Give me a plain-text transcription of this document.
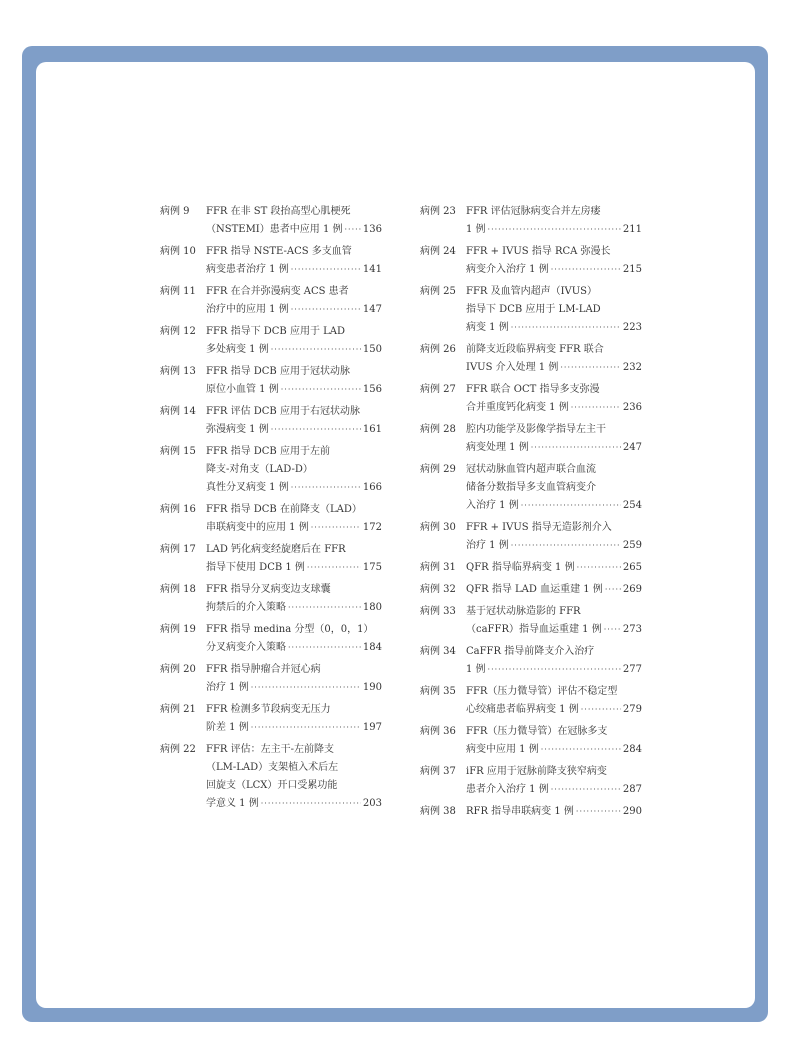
病例 9 FFR 在非 ST 段抬高型心肌梗死
（NSTEMI）患者中应用 1 例 ····· 136
病例 10 FFR 指导 NSTE-ACS 多支血管
病变患者治疗 1 例 ·····	141
病例 11 FFR 在合并弥漫病变 ACS 患者
治疗中的应用 1 例 ·····	147
病例 12 FFR 指导下 DCB 应用于 LAD
多处病变 1 例 ·····	150
病例 13 FFR 指导 DCB 应用于冠状动脉
原位小血管 1 例 ·····	156
病例 14 FFR 评估 DCB 应用于右冠状动脉
弥漫病变 1 例 ·····	161
病例 15 FFR 指导 DCB 应用于左前
降支-对角支（LAD-D）
真性分叉病变 1 例 ·····	166
病例 16 FFR 指导 DCB 在前降支（LAD）
串联病变中的应用 1 例 ·····	172
病例 17 LAD 钙化病变经旋磨后在 FFR
指导下使用 DCB 1 例 ·····	175
病例 18 FFR 指导分叉病变边支球囊
拘禁后的介入策略 ·····	180
病例 19 FFR 指导 medina 分型（0，0，1）
分叉病变介入策略 ·····	184
病例 20 FFR 指导肿瘤合并冠心病
治疗 1 例 ·····	190
病例 21 FFR 检测多节段病变无压力
阶差 1 例 ·····	197
病例 22 FFR 评估：左主干-左前降支
（LM-LAD）支架植入术后左
回旋支（LCX）开口受累功能
学意义 1 例 ·····	203
病例 23 FFR 评估冠脉病变合并左房瘘
1 例 ·····	211
病例 24 FFR + IVUS 指导 RCA 弥漫长
病变介入治疗 1 例 ·····	215
病例 25 FFR 及血管内超声（IVUS）
指导下 DCB 应用于 LM-LAD
病变 1 例 ·····	223
病例 26 前降支近段临界病变 FFR 联合
IVUS 介入处理 1 例 ·····	232
病例 27 FFR 联合 OCT 指导多支弥漫
合并重度钙化病变 1 例 ·····	236
病例 28 腔内功能学及影像学指导左主干
病变处理 1 例 ·····	247
病例 29 冠状动脉血管内超声联合血流
储备分数指导多支血管病变介
入治疗 1 例 ·····	254
病例 30 FFR + IVUS 指导无造影剂介入
治疗 1 例 ·····	259
病例 31 QFR 指导临界病变 1 例 ·····	265
病例 32 QFR 指导 LAD 血运重建 1 例 ····· 269
病例 33 基于冠状动脉造影的 FFR
（caFFR）指导血运重建 1 例 ····· 273
病例 34 CaFFR 指导前降支介入治疗
1 例 ·····	277
病例 35 FFR（压力微导管）评估不稳定型
心绞痛患者临界病变 1 例 ·····	279
病例 36 FFR（压力微导管）在冠脉多支
病变中应用 1 例 ·····	284
病例 37 iFR 应用于冠脉前降支狭窄病变
患者介入治疗 1 例 ·····	287
病例 38 RFR 指导串联病变 1 例 ·····	290
